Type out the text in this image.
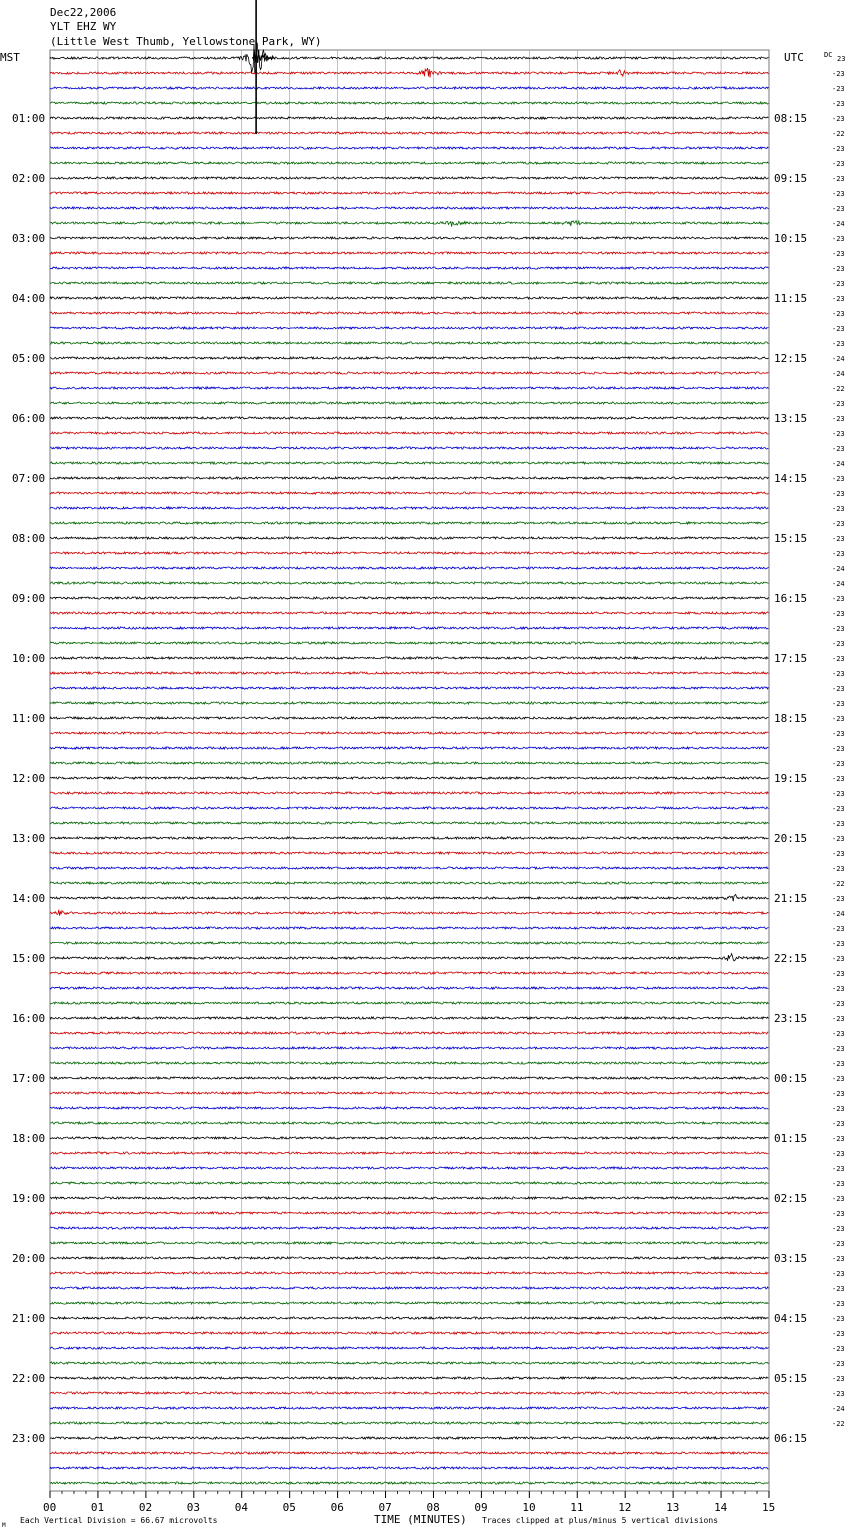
Dec22,2006
YLT EHZ WY
(Little West Thumb, Yellowstone Park, WY)
MST	UTC	DC
01:00
02:00
03:00
04:00
05:00
06:00
07:00
08:00
09:00
10:00
11:00
12:00
13:00
14:00
15:00
16:00
17:00
18:00
19:00
20:00
21:00
22:00
23:00
08:15
09:15
10:15
11:15
12:15
13:15
14:15
15:15
16:15
17:15
18:15
19:15
20:15
21:15
22:15
23:15
00:15
01:15
02:15
03:15
04:15
05:15
06:15
23
-23
-23
-23
-23
-22
-23
-23
-23
-23
-23
-24
-23
-23
-23
-23
-23
-23
-23
-23
-24
-24
-22
-23
-23
-23
-23
-24
-23
-23
-23
-23
-23
-23
-24
-24
-23
-23
-23
-23
-23
-23
-23
-23
-23
-23
-23
-23
-23
-23
-23
-23
-23
-23
-23
-22
-23
-24
-23
-23
-23
-23
-23
-23
-23
-23
-23
-23
-23
-23
-23
-23
-23
-23
-23
-23
-23
-23
-23
-23
-23
-23
-23
-23
-23
-23
-23
-23
-23
-23
-24
-22
00	01	02	03	04	05	06	07	08	09	10	11	12	13	14	15
M
Each Vertical Division = 66.67 microvolts	TIME (MINUTES) Traces clipped at plus/minus 5 vertical divisions
